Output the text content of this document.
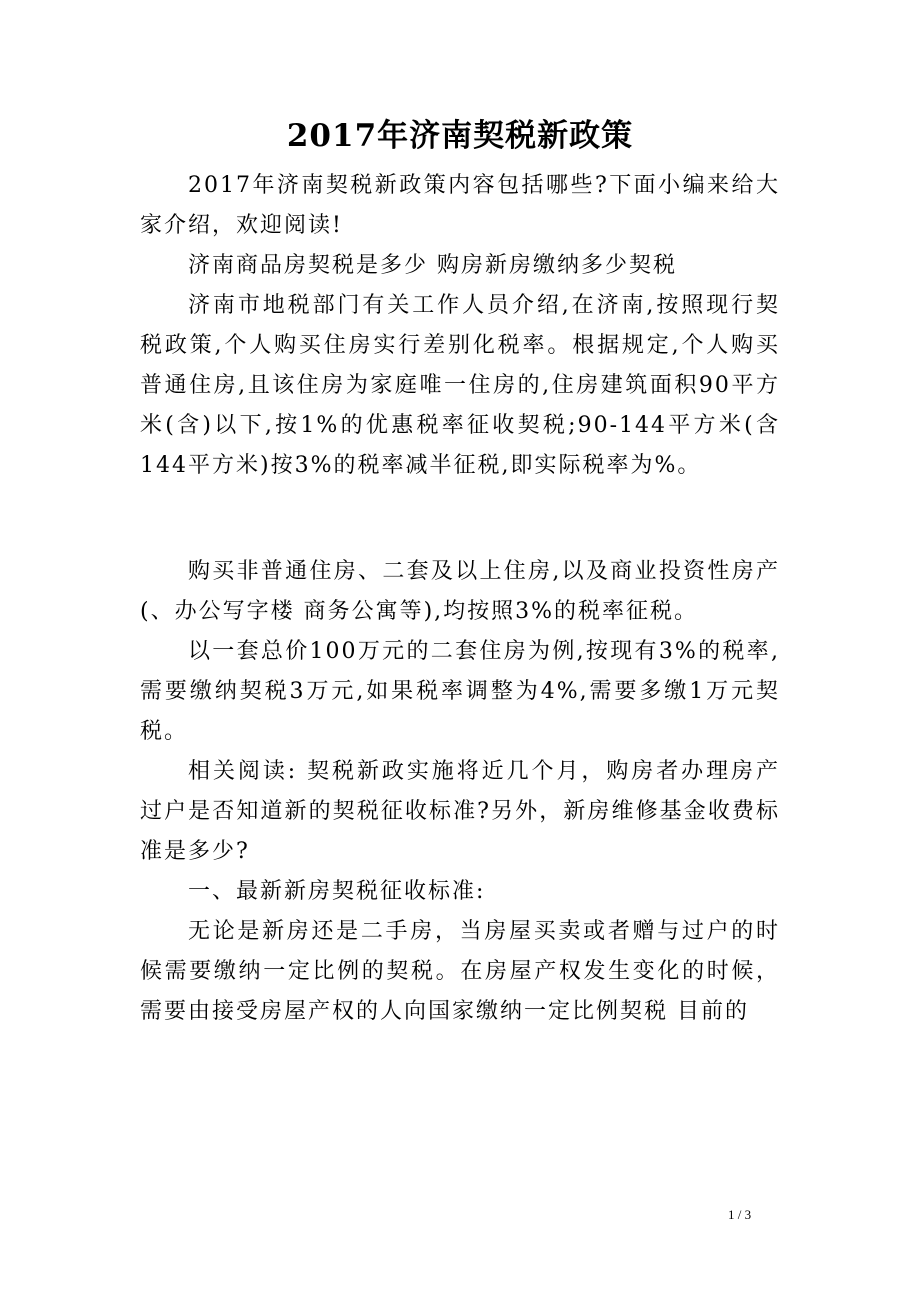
2017年济南契税新政策

2017年济南契税新政策内容包括哪些?下面小编来给大家介绍，欢迎阅读!

济南商品房契税是多少 购房新房缴纳多少契税

济南市地税部门有关工作人员介绍,在济南,按照现行契税政策,个人购买住房实行差别化税率。根据规定,个人购买普通住房,且该住房为家庭唯一住房的,住房建筑面积90平方米(含)以下,按1%的优惠税率征收契税;90-144平方米(含144平方米)按3%的税率减半征税,即实际税率为%。

购买非普通住房、二套及以上住房,以及商业投资性房产(、办公写字楼 商务公寓等),均按照3%的税率征税。

以一套总价100万元的二套住房为例,按现有3%的税率,需要缴纳契税3万元,如果税率调整为4%,需要多缴1万元契税。

相关阅读: 契税新政实施将近几个月，购房者办理房产过户是否知道新的契税征收标准?另外，新房维修基金收费标准是多少?

一、最新新房契税征收标准:

无论是新房还是二手房，当房屋买卖或者赠与过户的时候需要缴纳一定比例的契税。在房屋产权发生变化的时候，需要由接受房屋产权的人向国家缴纳一定比例契税 目前的

1 / 3
